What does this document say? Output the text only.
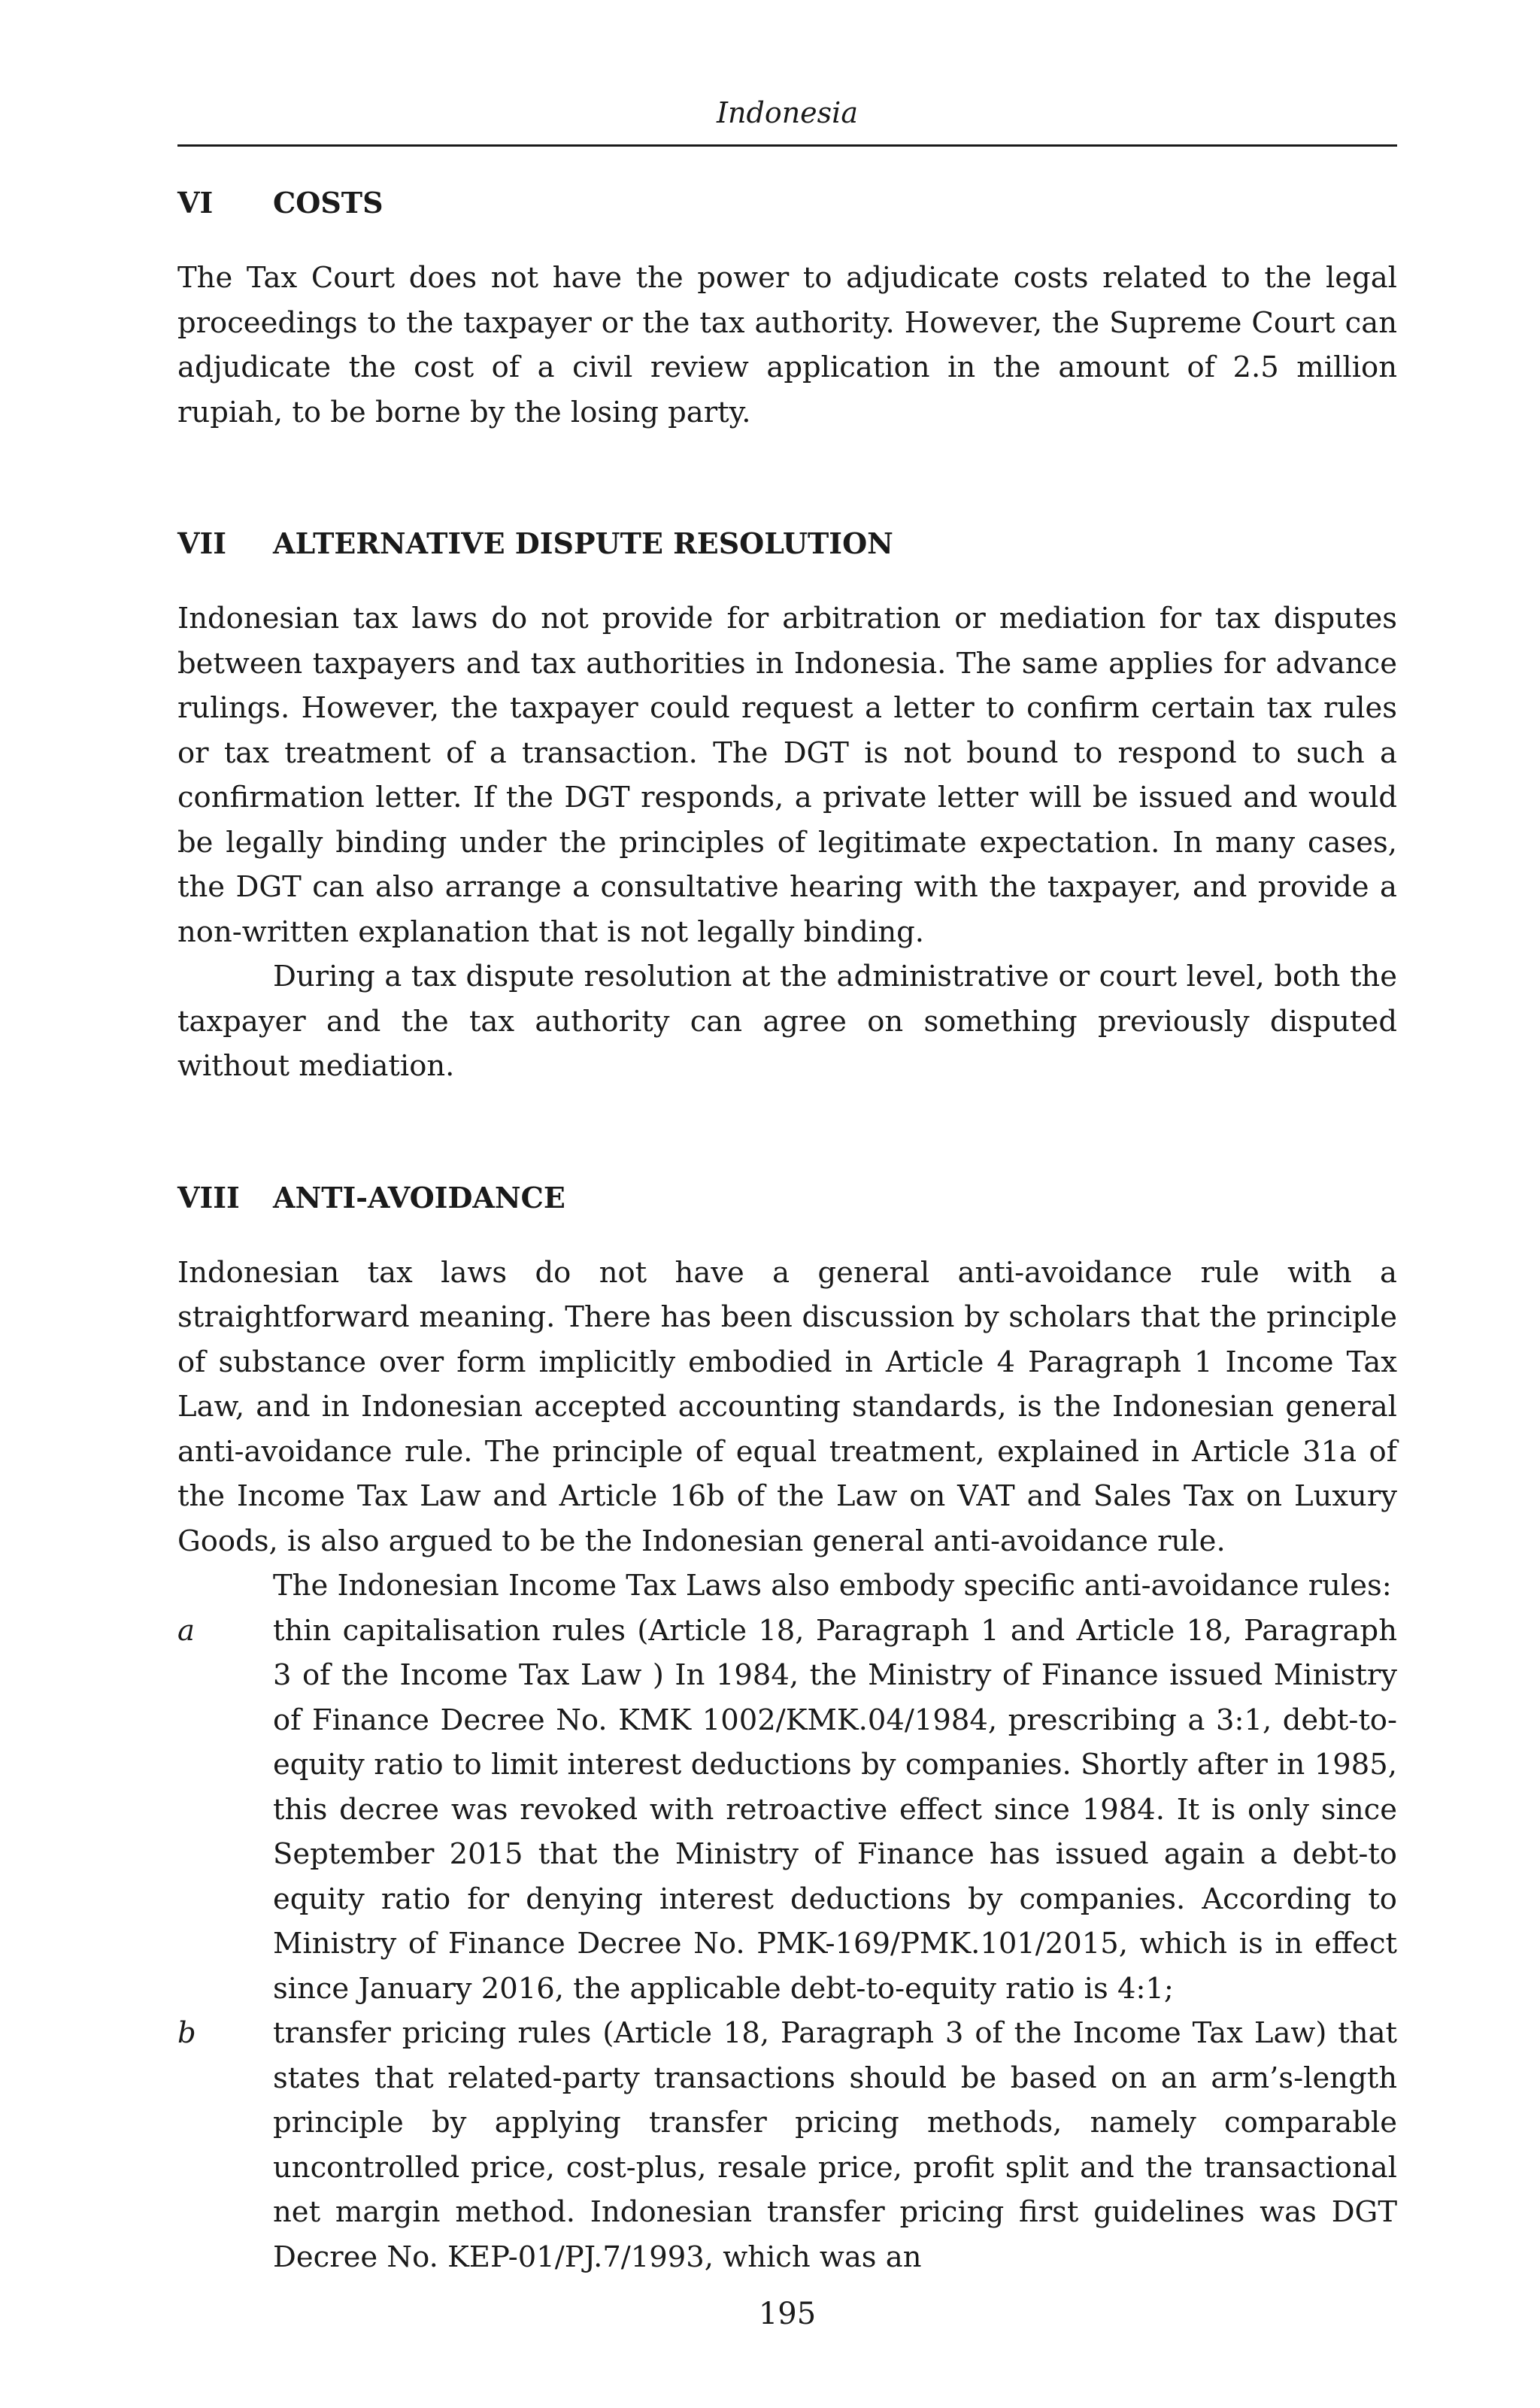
Indonesia
VI	COSTS

The Tax Court does not have the power to adjudicate costs related to the legal proceedings to the taxpayer or the tax authority. However, the Supreme Court can adjudicate the cost of a civil review application in the amount of 2.5 million rupiah, to be borne by the losing party.

VII	ALTERNATIVE DISPUTE RESOLUTION

Indonesian tax laws do not provide for arbitration or mediation for tax disputes between taxpayers and tax authorities in Indonesia. The same applies for advance rulings. However, the taxpayer could request a letter to confirm certain tax rules or tax treatment of a transaction. The DGT is not bound to respond to such a confirmation letter. If the DGT responds, a private letter will be issued and would be legally binding under the principles of legitimate expectation. In many cases, the DGT can also arrange a consultative hearing with the taxpayer, and provide a non-written explanation that is not legally binding.

During a tax dispute resolution at the administrative or court level, both the taxpayer and the tax authority can agree on something previously disputed without mediation.

VIII	ANTI-AVOIDANCE

Indonesian tax laws do not have a general anti-avoidance rule with a straightforward meaning. There has been discussion by scholars that the principle of substance over form implicitly embodied in Article 4 Paragraph 1 Income Tax Law, and in Indonesian accepted accounting standards, is the Indonesian general anti-avoidance rule. The principle of equal treatment, explained in Article 31a of the Income Tax Law and Article 16b of the Law on VAT and Sales Tax on Luxury Goods, is also argued to be the Indonesian general anti-avoidance rule.

The Indonesian Income Tax Laws also embody specific anti-avoidance rules:

a	thin capitalisation rules (Article 18, Paragraph 1 and Article 18, Paragraph 3 of the Income Tax Law ) In 1984, the Ministry of Finance issued Ministry of Finance Decree No. KMK 1002/KMK.04/1984, prescribing a 3:1, debt-to-equity ratio to limit interest deductions by companies. Shortly after in 1985, this decree was revoked with retroactive effect since 1984. It is only since September 2015 that the Ministry of Finance has issued again a debt-to equity ratio for denying interest deductions by companies. According to Ministry of Finance Decree No. PMK-169/PMK.101/2015, which is in effect since January 2016, the applicable debt-to-equity ratio is 4:1;
b	transfer pricing rules (Article 18, Paragraph 3 of the Income Tax Law) that states that related-party transactions should be based on an arm’s-length principle by applying transfer pricing methods, namely comparable uncontrolled price, cost-plus, resale price, profit split and the transactional net margin method. Indonesian transfer pricing first guidelines was DGT Decree No. KEP-01/PJ.7/1993, which was an
195
